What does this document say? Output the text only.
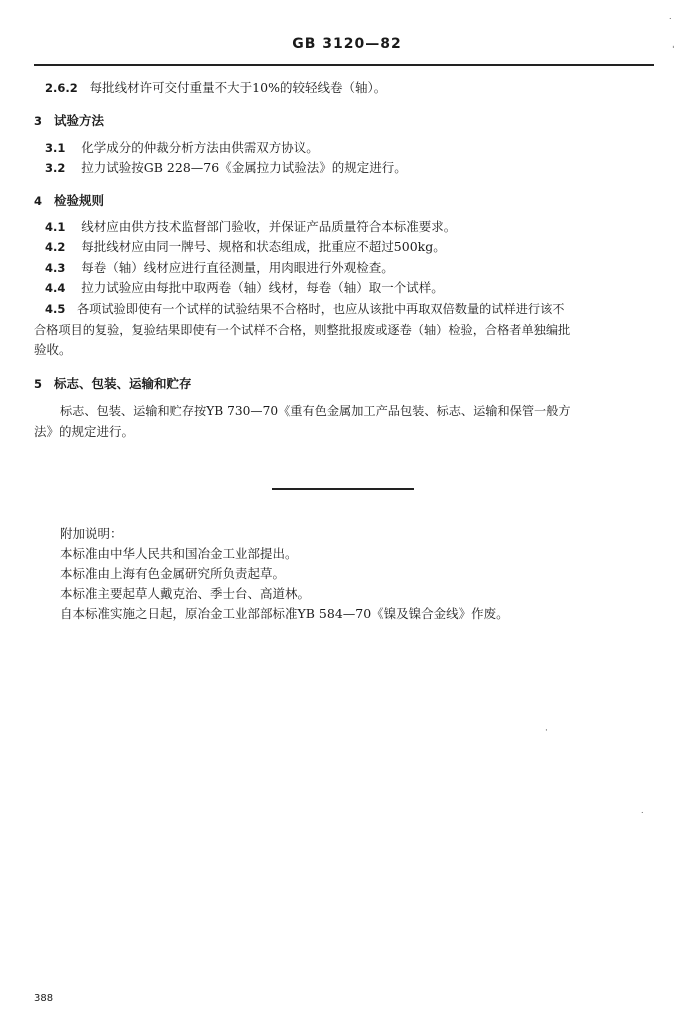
GB 3120—82
2.6.2 每批线材许可交付重量不大于10%的较轻线卷（轴）。
3 试验方法
3.1 化学成分的仲裁分析方法由供需双方协议。
3.2 拉力试验按GB 228—76《金属拉力试验法》的规定进行。
4 检验规则
4.1 线材应由供方技术监督部门验收，并保证产品质量符合本标准要求。
4.2 每批线材应由同一牌号、规格和状态组成，批重应不超过500kg。
4.3 每卷（轴）线材应进行直径测量，用肉眼进行外观检查。
4.4 拉力试验应由每批中取两卷（轴）线材，每卷（轴）取一个试样。
4.5 各项试验即使有一个试样的试验结果不合格时，也应从该批中再取双倍数量的试样进行该不
合格项目的复验，复验结果即使有一个试样不合格，则整批报废或逐卷（轴）检验，合格者单独编批
验收。
5 标志、包装、运输和贮存
标志、包装、运输和贮存按YB 730—70《重有色金属加工产品包装、标志、运输和保管一般方
法》的规定进行。
附加说明：
本标准由中华人民共和国冶金工业部提出。
本标准由上海有色金属研究所负责起草。
本标准主要起草人戴克治、季士台、高道林。
自本标准实施之日起，原冶金工业部部标准YB 584—70《镍及镍合金线》作废。
388
˙
ˌ
·
˙
